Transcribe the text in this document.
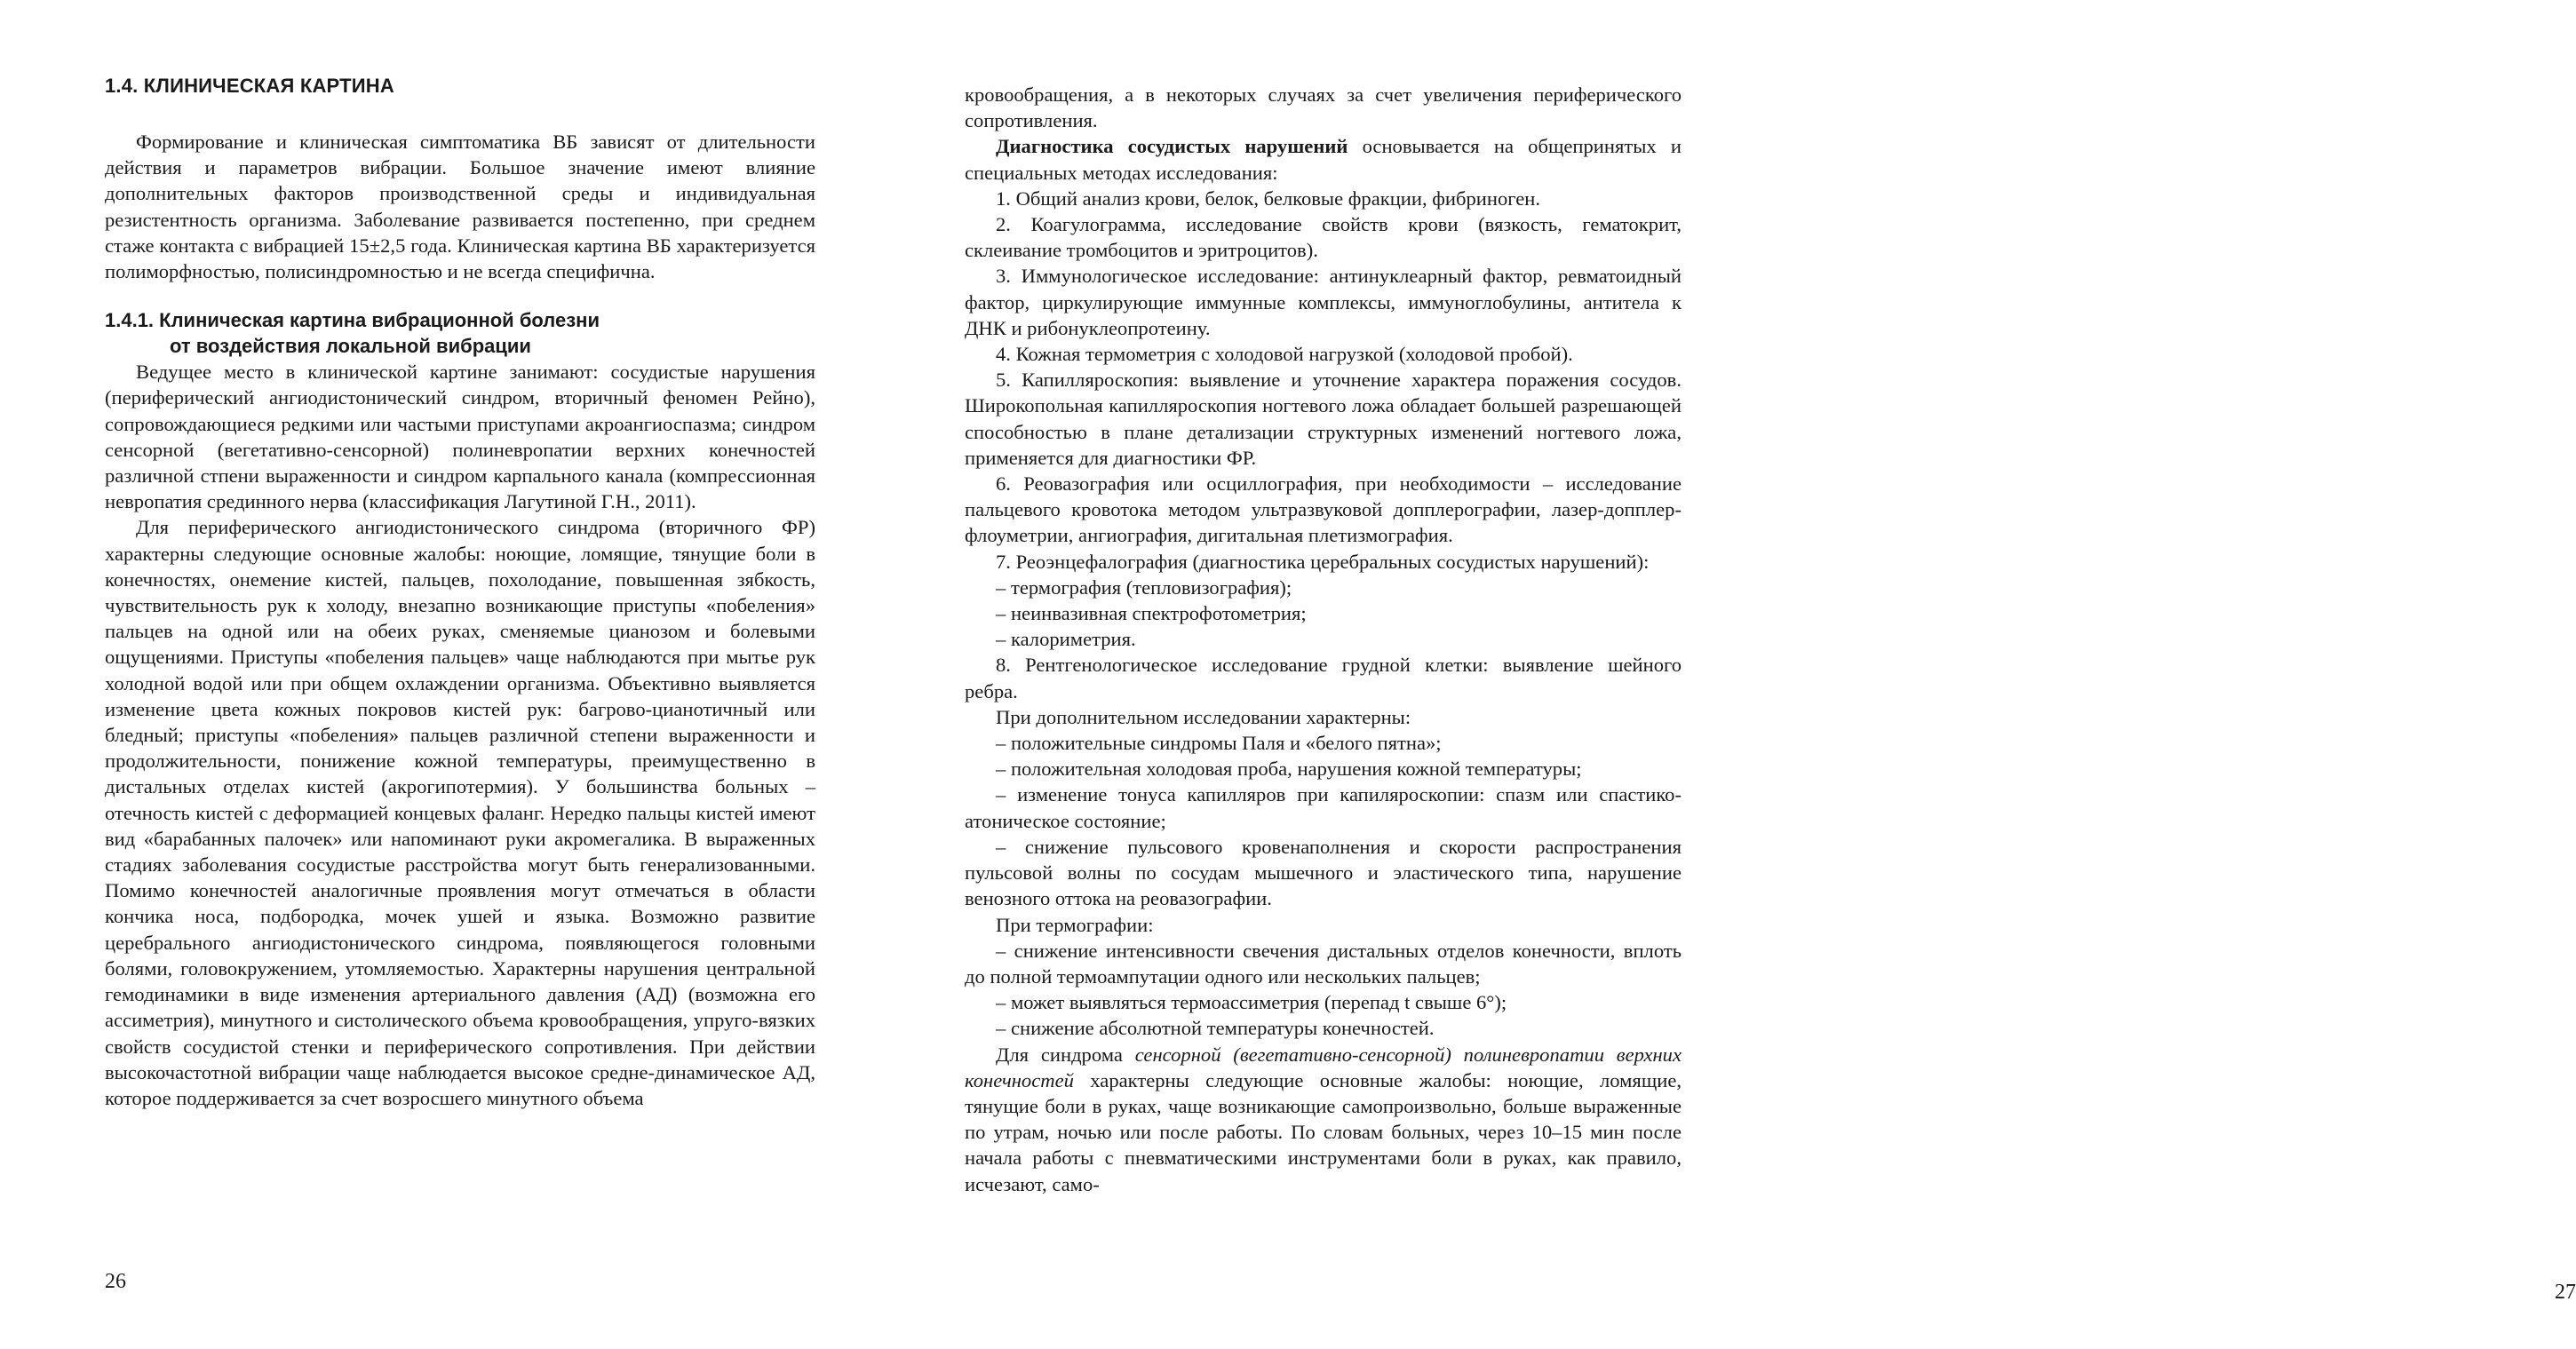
1.4. КЛИНИЧЕСКАЯ КАРТИНА

Формирование и клиническая симптоматика ВБ зависят от длительности действия и параметров вибрации. Большое значение имеют влияние дополнительных факторов производственной среды и индивидуальная резистентность организма. Заболевание развивается постепенно, при среднем стаже контакта с вибрацией 15±2,5 года. Клиническая картина ВБ характеризуется полиморфностью, полисиндромностью и не всегда специфична.

1.4.1. Клиническая картина вибрационной болезни
от воздействия локальной вибрации

Ведущее место в клинической картине занимают: сосудистые нарушения (периферический ангиодистонический синдром, вторичный феномен Рейно), сопровождающиеся редкими или частыми приступами акроангиоспазма; синдром сенсорной (вегетативно-сенсорной) полиневропатии верхних конечностей различной стпени выраженности и синдром карпального канала (компрессионная невропатия срединного нерва (классификация Лагутиной Г.Н., 2011).

Для периферического ангиодистонического синдрома (вторичного ФР) характерны следующие основные жалобы: ноющие, ломящие, тянущие боли в конечностях, онемение кистей, пальцев, похолодание, повышенная зябкость, чувствительность рук к холоду, внезапно возникающие приступы «побеления» пальцев на одной или на обеих руках, сменяемые цианозом и болевыми ощущениями. Приступы «побеления пальцев» чаще наблюдаются при мытье рук холодной водой или при общем охлаждении организма. Объективно выявляется изменение цвета кожных покровов кистей рук: багрово-цианотичный или бледный; приступы «побеления» пальцев различной степени выраженности и продолжительности, понижение кожной температуры, преимущественно в дистальных отделах кистей (акрогипотермия). У большинства больных – отечность кистей с деформацией концевых фаланг. Нередко пальцы кистей имеют вид «барабанных палочек» или напоминают руки акромегалика. В выраженных стадиях заболевания сосудистые расстройства могут быть генерализованными. Помимо конечностей аналогичные проявления могут отмечаться в области кончика носа, подбородка, мочек ушей и языка. Возможно развитие церебрального ангиодистонического синдрома, появляющегося головными болями, головокружением, утомляемостью. Характерны нарушения центральной гемодинамики в виде изменения артериального давления (АД) (возможна его ассиметрия), минутного и систолического объема кровообращения, упруго-вязких свойств сосудистой стенки и периферического сопротивления. При действии высокочастотной вибрации чаще наблюдается высокое средне-динамическое АД, которое поддерживается за счет возросшего минутного объема

26

кровообращения, а в некоторых случаях за счет увеличения периферического сопротивления.

Диагностика сосудистых нарушений основывается на общепринятых и специальных методах исследования:

1. Общий анализ крови, белок, белковые фракции, фибриноген.

2. Коагулограмма, исследование свойств крови (вязкость, гематокрит, склеивание тромбоцитов и эритроцитов).

3. Иммунологическое исследование: антинуклеарный фактор, ревматоидный фактор, циркулирующие иммунные комплексы, иммуноглобулины, антитела к ДНК и рибонуклеопротеину.

4. Кожная термометрия с холодовой нагрузкой (холодовой пробой).

5. Капилляроскопия: выявление и уточнение характера поражения сосудов. Широкопольная капилляроскопия ногтевого ложа обладает большей разрешающей способностью в плане детализации структурных изменений ногтевого ложа, применяется для диагностики ФР.

6. Реовазография или осциллография, при необходимости – исследование пальцевого кровотока методом ультразвуковой допплерографии, лазер-допплер-флоуметрии, ангиография, дигитальная плетизмография.

7. Реоэнцефалография (диагностика церебральных сосудистых нарушений):

– термография (тепловизография);

– неинвазивная спектрофотометрия;

– калориметрия.

8. Рентгенологическое исследование грудной клетки: выявление шейного ребра.

При дополнительном исследовании характерны:

– положительные синдромы Паля и «белого пятна»;

– положительная холодовая проба, нарушения кожной температуры;

– изменение тонуса капилляров при капиляроскопии: спазм или спастико-атоническое состояние;

– снижение пульсового кровенаполнения и скорости распространения пульсовой волны по сосудам мышечного и эластического типа, нарушение венозного оттока на реовазографии.

При термографии:

– снижение интенсивности свечения дистальных отделов конечности, вплоть до полной термоампутации одного или нескольких пальцев;

– может выявляться термоассиметрия (перепад t свыше 6°);

– снижение абсолютной температуры конечностей.

Для синдрома сенсорной (вегетативно-сенсорной) полиневропатии верхних конечностей характерны следующие основные жалобы: ноющие, ломящие, тянущие боли в руках, чаще возникающие самопроизвольно, больше выраженные по утрам, ночью или после работы. По словам больных, через 10–15 мин после начала работы с пневматическими инструментами боли в руках, как правило, исчезают, само-

27
